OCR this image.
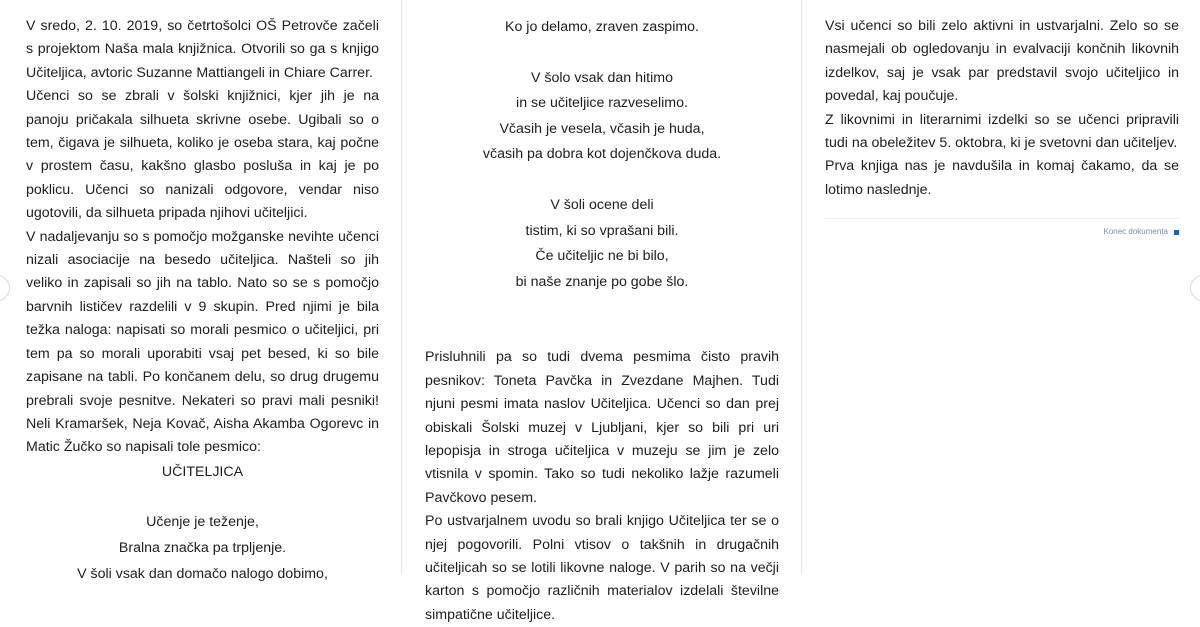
V sredo, 2. 10. 2019, so četrtošolci OŠ Petrovče začeli s projektom Naša mala knjižnica. Otvorili so ga s knjigo Učiteljica, avtoric Suzanne Mattiangeli in Chiare Carrer.

Učenci so se zbrali v šolski knjižnici, kjer jih je na panoju pričakala silhueta skrivne osebe. Ugibali so o tem, čigava je silhueta, koliko je oseba stara, kaj počne v prostem času, kakšno glasbo posluša in kaj je po poklicu. Učenci so nanizali odgovore, vendar niso ugotovili, da silhueta pripada njihovi učiteljici.

V nadaljevanju so s pomočjo možganske nevihte učenci nizali asociacije na besedo učiteljica. Našteli so jih veliko in zapisali so jih na tablo. Nato so se s pomočjo barvnih lističev razdelili v 9 skupin. Pred njimi je bila težka naloga: napisati so morali pesmico o učiteljici, pri tem pa so morali uporabiti vsaj pet besed, ki so bile zapisane na tabli. Po končanem delu, so drug drugemu prebrali svoje pesnitve. Nekateri so pravi mali pesniki! Neli Kramaršek, Neja Kovač, Aisha Akamba Ogorevc in Matic Žučko so napisali tole pesmico:

UČITELJICA

Učenje je teženje,

Bralna značka pa trpljenje.

V šoli vsak dan domačo nalogo dobimo,

Ko jo delamo, zraven zaspimo.

V šolo vsak dan hitimo

in se učiteljice razveselimo.

Včasih je vesela, včasih je huda,

včasih pa dobra kot dojenčkova duda.

V šoli ocene deli

tistim, ki so vprašani bili.

Če učiteljic ne bi bilo,

bi naše znanje po gobe šlo.

Prisluhnili pa so tudi dvema pesmima čisto pravih pesnikov: Toneta Pavčka in Zvezdane Majhen. Tudi njuni pesmi imata naslov Učiteljica. Učenci so dan prej obiskali Šolski muzej v Ljubljani, kjer so bili pri uri lepopisja in stroga učiteljica v muzeju se jim je zelo vtisnila v spomin. Tako so tudi nekoliko lažje razumeli Pavčkovo pesem.

Po ustvarjalnem uvodu so brali knjigo Učiteljica ter se o njej pogovorili. Polni vtisov o takšnih in drugačnih učiteljicah so se lotili likovne naloge. V parih so na večji karton s pomočjo različnih materialov izdelali številne simpatične učiteljice.

Vsi učenci so bili zelo aktivni in ustvarjalni. Zelo so se nasmejali ob ogledovanju in evalvaciji končnih likovnih izdelkov, saj je vsak par predstavil svojo učiteljico in povedal, kaj poučuje.

Z likovnimi in literarnimi izdelki so se učenci pripravili tudi na obeležitev 5. oktobra, ki je svetovni dan učiteljev.

Prva knjiga nas je navdušila in komaj čakamo, da se lotimo naslednje.

Konec dokumenta
